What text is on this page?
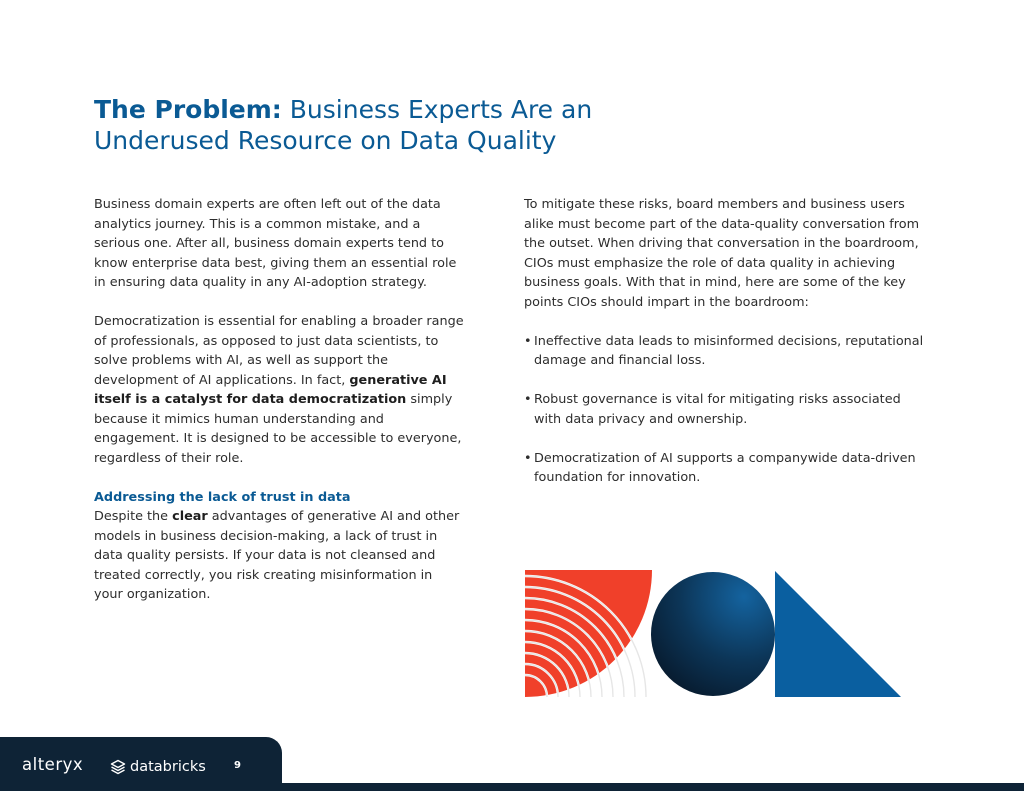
The Problem: Business Experts Are an
Underused Resource on Data Quality

Business domain experts are often left out of the data analytics journey. This is a common mistake, and a serious one. After all, business domain experts tend to know enterprise data best, giving them an essential role in ensuring data quality in any AI-adoption strategy.

Democratization is essential for enabling a broader range of professionals, as opposed to just data scientists, to solve problems with AI, as well as support the development of AI applications. In fact, generative AI itself is a catalyst for data democratization simply because it mimics human understanding and engagement. It is designed to be accessible to everyone, regardless of their role.

Addressing the lack of trust in data

Despite the clear advantages of generative AI and other models in business decision-making, a lack of trust in data quality persists. If your data is not cleansed and treated correctly, you risk creating misinformation in your organization.

To mitigate these risks, board members and business users alike must become part of the data-quality conversation from the outset. When driving that conversation in the boardroom, CIOs must emphasize the role of data quality in achieving business goals. With that in mind, here are some of the key points CIOs should impart in the boardroom:

• Ineffective data leads to misinformed decisions, reputational damage and financial loss.
• Robust governance is vital for mitigating risks associated with data privacy and ownership.
• Democratization of AI supports a companywide data-driven foundation for innovation.
alteryx	databricks	9
